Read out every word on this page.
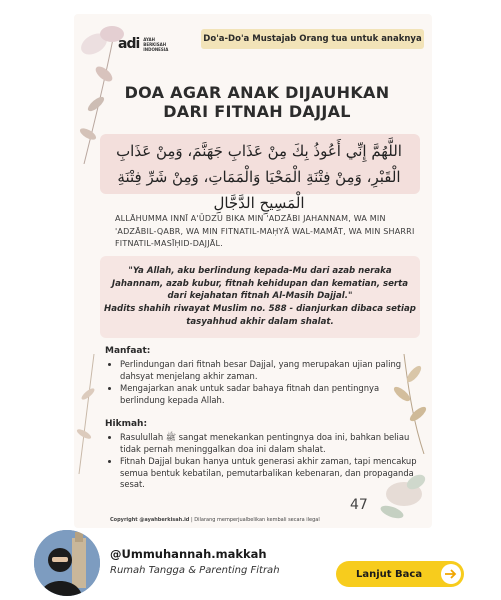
adi AYAH BERKISAH INDONESIA
Do'a-Do'a Mustajab Orang tua untuk anaknya
DOA AGAR ANAK DIJAUHKAN DARI FITNAH DAJJAL
اللَّهُمَّ إِنِّي أَعُوذُ بِكَ مِنْ عَذَابِ جَهَنَّمَ، وَمِنْ عَذَابِ الْقَبْرِ، وَمِنْ فِتْنَةِ الْمَحْيَا وَالْمَمَاتِ، وَمِنْ شَرِّ فِتْنَةِ الْمَسِيحِ الدَّجَّالِ
ALLĀHUMMA INNĪ A'ŪDZU BIKA MIN 'ADZĀBI JAHANNAM, WA MIN 'ADZĀBIL-QABR, WA MIN FITNATIL-MAḤYĀ WAL-MAMĀT, WA MIN SHARRI FITNATIL-MASĪḤID-DAJJĀL.
"Ya Allah, aku berlindung kepada-Mu dari azab neraka Jahannam, azab kubur, fitnah kehidupan dan kematian, serta dari kejahatan fitnah Al-Masih Dajjal."
Hadits shahih riwayat Muslim no. 588 - dianjurkan dibaca setiap tasyahhud akhir dalam shalat.
Manfaat:
• Perlindungan dari fitnah besar Dajjal, yang merupakan ujian paling dahsyat menjelang akhir zaman.
• Mengajarkan anak untuk sadar bahaya fitnah dan pentingnya berlindung kepada Allah.
Hikmah:
• Rasulullah ﷺ sangat menekankan pentingnya doa ini, bahkan beliau tidak pernah meninggalkan doa ini dalam shalat.
• Fitnah Dajjal bukan hanya untuk generasi akhir zaman, tapi mencakup semua bentuk kebatilan, pemutarbalikan kebenaran, dan propaganda sesat.
47
Copyright @ayahberkisah.id | Dilarang memperjualbelikan kembali secara ilegal
@Ummuhannah.makkah
Rumah Tangga & Parenting Fitrah	Lanjut Baca
